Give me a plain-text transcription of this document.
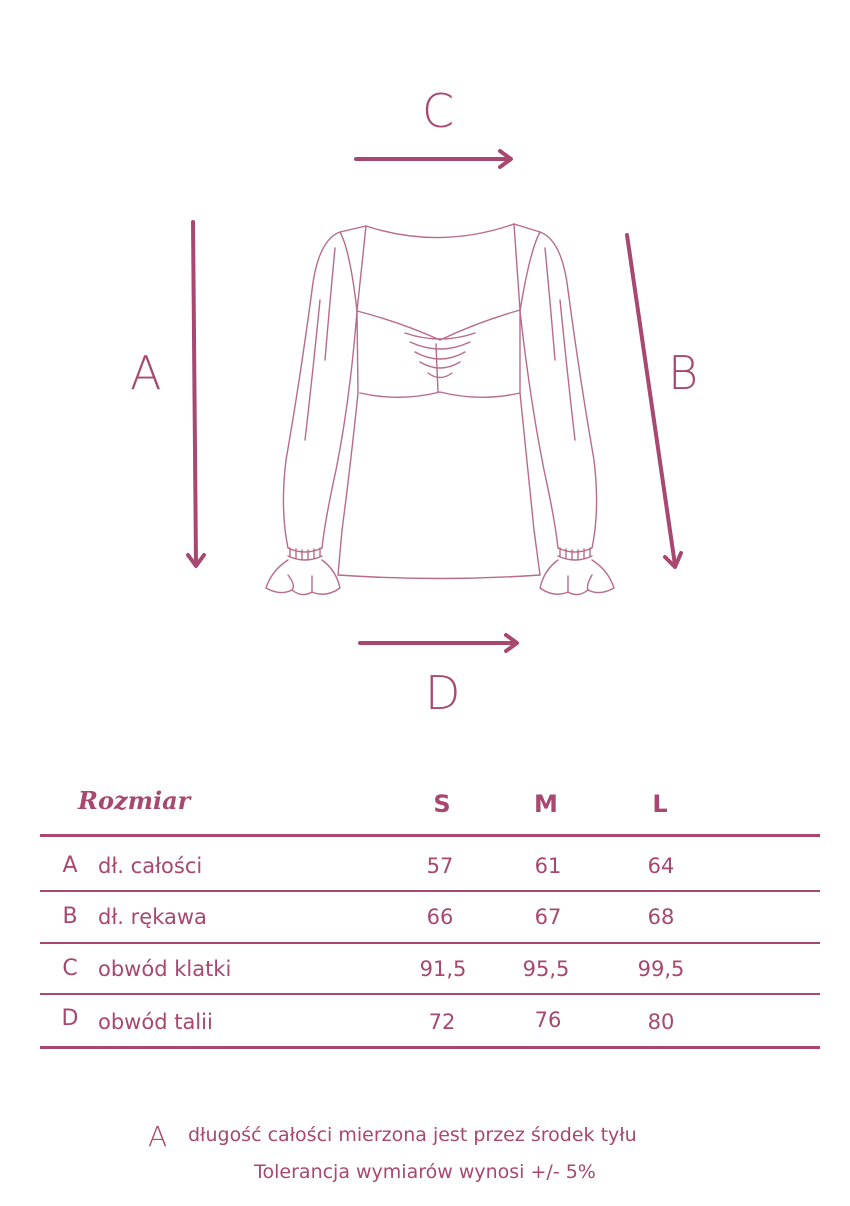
C
A	B
D
Rozmiar	S	M	L
A dł. całości	57	61	64
B dł. rękawa	66	67	68
C obwód klatki	91,5	95,5	99,5
D obwód talii	72	76	80
A długość całości mierzona jest przez środek tyłu
Tolerancja wymiarów wynosi +/- 5%
